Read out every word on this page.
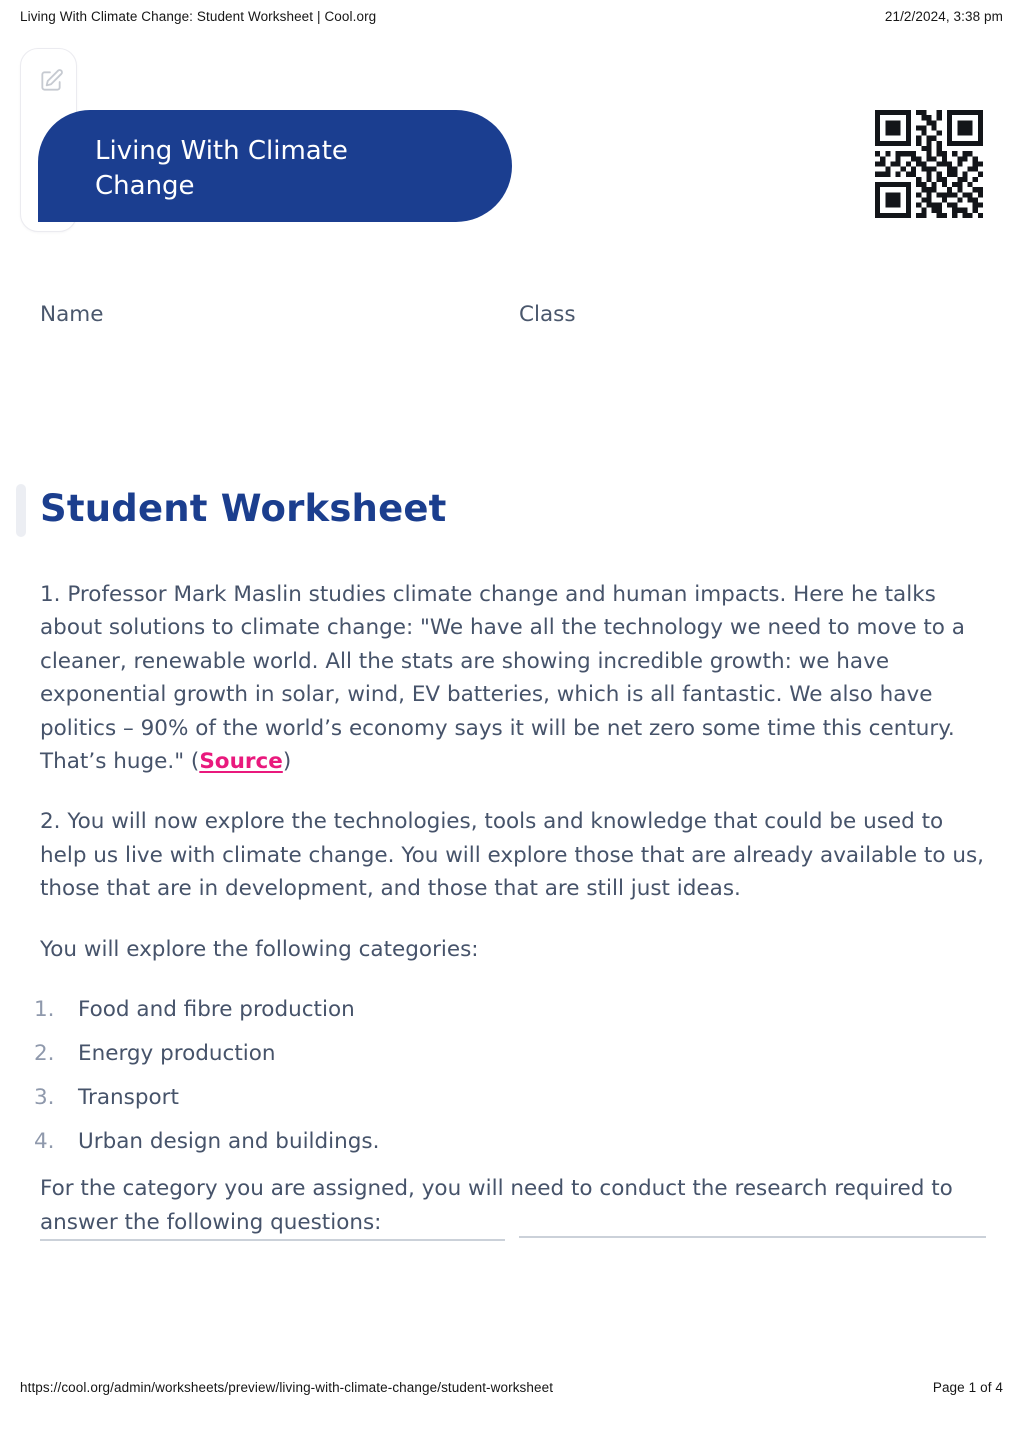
Living With Climate Change: Student Worksheet | Cool.org	21/2/2024, 3:38 pm
Living With Climate Change
Name	Class
Student Worksheet

1. Professor Mark Maslin studies climate change and human impacts. Here he talks about solutions to climate change: "We have all the technology we need to move to a cleaner, renewable world. All the stats are showing incredible growth: we have exponential growth in solar, wind, EV batteries, which is all fantastic. We also have politics – 90% of the world’s economy says it will be net zero some time this century. That’s huge." (Source)

2. You will now explore the technologies, tools and knowledge that could be used to help us live with climate change. You will explore those that are already available to us, those that are in development, and those that are still just ideas.

You will explore the following categories:

1.	Food and fibre production
2.	Energy production
3.	Transport
4.	Urban design and buildings.

For the category you are assigned, you will need to conduct the research required to answer the following questions:

https://cool.org/admin/worksheets/preview/living-with-climate-change/student-worksheet	Page 1 of 4
